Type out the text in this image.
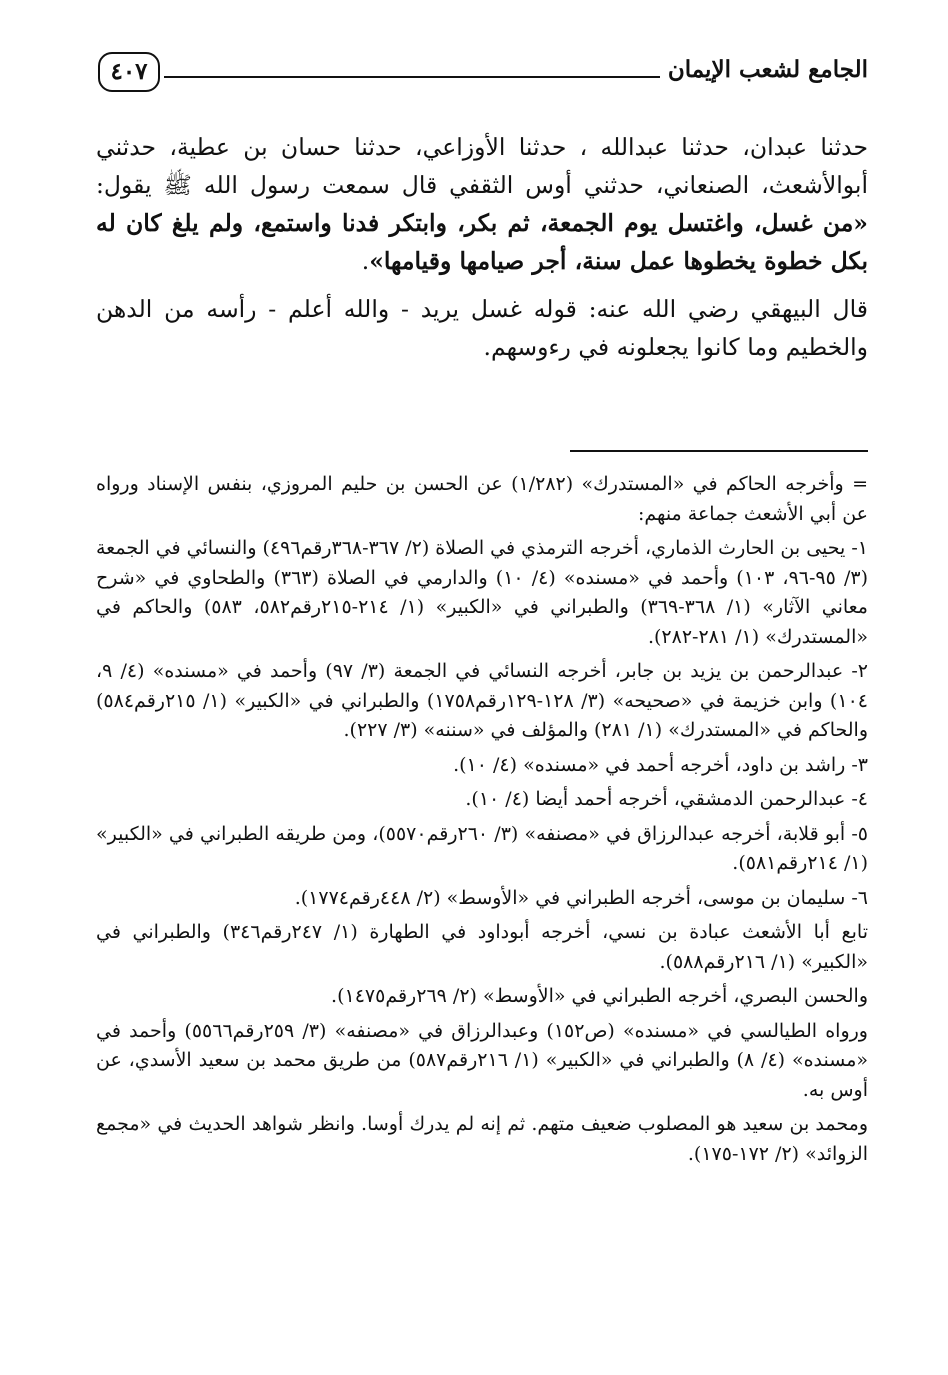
الجامع لشعب الإيمان
٤٠٧

حدثنا عبدان، حدثنا عبدالله ، حدثنا الأوزاعي، حدثنا حسان بن عطية، حدثني أبوالأشعث، الصنعاني، حدثني أوس الثقفي قال سمعت رسول الله ﷺ يقول: «من غسل، واغتسل يوم الجمعة، ثم بكر، وابتكر فدنا واستمع، ولم يلغ كان له بكل خطوة يخطوها عمل سنة، أجر صيامها وقيامها».

قال البيهقي رضي الله عنه: قوله غسل يريد - والله أعلم - رأسه من الدهن والخطيم وما كانوا يجعلونه في رءوسهم.

= وأخرجه الحاكم في «المستدرك» (١/٢٨٢) عن الحسن بن حليم المروزي، بنفس الإسناد ورواه عن أبي الأشعث جماعة منهم:

١- يحيى بن الحارث الذماري، أخرجه الترمذي في الصلاة (٢/ ٣٦٧-٣٦٨رقم٤٩٦) والنسائي في الجمعة (٣/ ٩٥-٩٦، ١٠٣) وأحمد في «مسنده» (٤/ ١٠) والدارمي في الصلاة (٣٦٣) والطحاوي في «شرح معاني الآثار» (١/ ٣٦٨-٣٦٩) والطبراني في «الكبير» (١/ ٢١٤-٢١٥رقم٥٨٢، ٥٨٣) والحاكم في «المستدرك» (١/ ٢٨١-٢٨٢).

٢- عبدالرحمن بن يزيد بن جابر، أخرجه النسائي في الجمعة (٣/ ٩٧) وأحمد في «مسنده» (٤/ ٩، ١٠٤) وابن خزيمة في «صحيحه» (٣/ ١٢٨-١٢٩رقم١٧٥٨) والطبراني في «الكبير» (١/ ٢١٥رقم٥٨٤) والحاكم في «المستدرك» (١/ ٢٨١) والمؤلف في «سننه» (٣/ ٢٢٧).

٣- راشد بن داود، أخرجه أحمد في «مسنده» (٤/ ١٠).

٤- عبدالرحمن الدمشقي، أخرجه أحمد أيضا (٤/ ١٠).

٥- أبو قلابة، أخرجه عبدالرزاق في «مصنفه» (٣/ ٢٦٠رقم٥٥٧٠)، ومن طريقه الطبراني في «الكبير» (١/ ٢١٤رقم٥٨١).

٦- سليمان بن موسى، أخرجه الطبراني في «الأوسط» (٢/ ٤٤٨رقم١٧٧٤).

تابع أبا الأشعث عبادة بن نسي، أخرجه أبوداود في الطهارة (١/ ٢٤٧رقم٣٤٦) والطبراني في «الكبير» (١/ ٢١٦رقم٥٨٨).

والحسن البصري، أخرجه الطبراني في «الأوسط» (٢/ ٢٦٩رقم١٤٧٥).

ورواه الطيالسي في «مسنده» (ص١٥٢) وعبدالرزاق في «مصنفه» (٣/ ٢٥٩رقم٥٥٦٦) وأحمد في «مسنده» (٤/ ٨) والطبراني في «الكبير» (١/ ٢١٦رقم٥٨٧) من طريق محمد بن سعيد الأسدي، عن أوس به.

ومحمد بن سعيد هو المصلوب ضعيف متهم. ثم إنه لم يدرك أوسا. وانظر شواهد الحديث في «مجمع الزوائد» (٢/ ١٧٢-١٧٥).
